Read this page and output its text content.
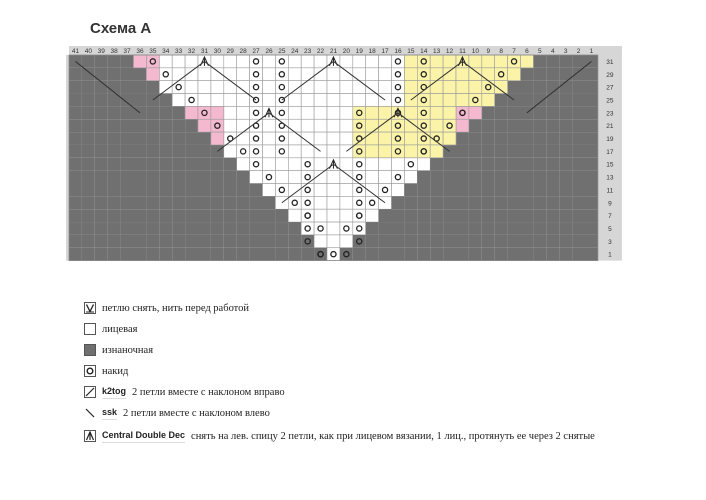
Схема А
41 40 39 38 37 36 35 34 33 32 31 30 29 28 27 26 25 24 23 22 21 20 19 18 17 16 15 14 13 12 11 10 9 8 7 6 5 4 3 2 1
31
29
27
25
23
21
19
17
15
13
11
9
7
5
3
1
петлю снять, нить перед работой
лицевая
изнаночная
накид
k2tog 2 петли вместе с наклоном вправо
ssk 2 петли вместе с наклоном влево
Central Double Dec снять на лев. спицу 2 петли, как при лицевом вязании, 1 лиц., протянуть ее через 2 снятые
